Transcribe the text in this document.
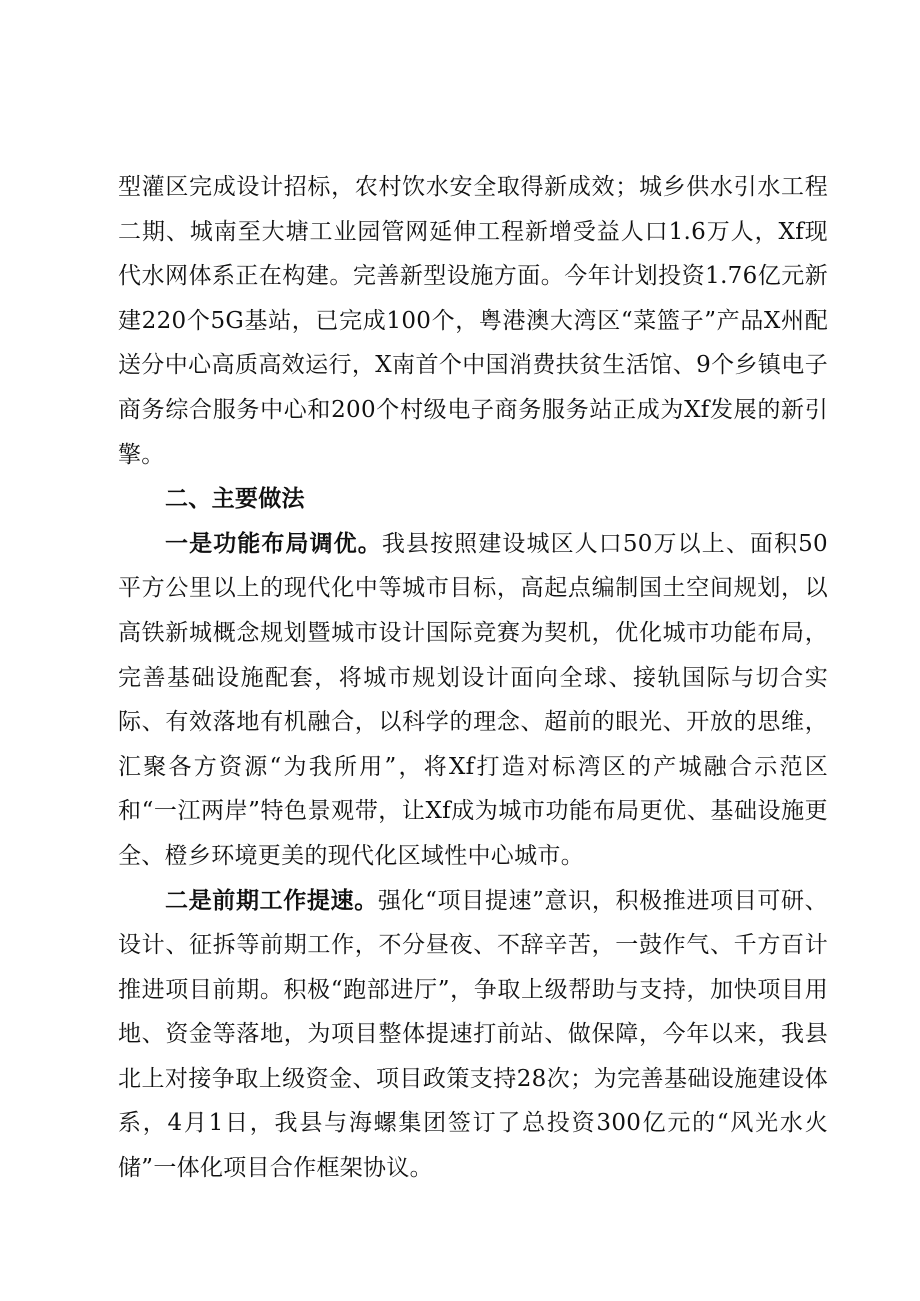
型灌区完成设计招标，农村饮水安全取得新成效；城乡供水引水工程二期、城南至大塘工业园管网延伸工程新增受益人口1.6万人，Xf现代水网体系正在构建。完善新型设施方面。今年计划投资1.76亿元新建220个5G基站，已完成100个，粤港澳大湾区“菜篮子”产品X州配送分中心高质高效运行，X南首个中国消费扶贫生活馆、9个乡镇电子商务综合服务中心和200个村级电子商务服务站正成为Xf发展的新引擎。

二、主要做法

一是功能布局调优。我县按照建设城区人口50万以上、面积50平方公里以上的现代化中等城市目标，高起点编制国土空间规划，以高铁新城概念规划暨城市设计国际竞赛为契机，优化城市功能布局，完善基础设施配套，将城市规划设计面向全球、接轨国际与切合实际、有效落地有机融合，以科学的理念、超前的眼光、开放的思维，汇聚各方资源“为我所用”，将Xf打造对标湾区的产城融合示范区和“一江两岸”特色景观带，让Xf成为城市功能布局更优、基础设施更全、橙乡环境更美的现代化区域性中心城市。

二是前期工作提速。强化“项目提速”意识，积极推进项目可研、设计、征拆等前期工作，不分昼夜、不辞辛苦，一鼓作气、千方百计推进项目前期。积极“跑部进厅”，争取上级帮助与支持，加快项目用地、资金等落地，为项目整体提速打前站、做保障，今年以来，我县北上对接争取上级资金、项目政策支持28次；为完善基础设施建设体系，4月1日，我县与海螺集团签订了总投资300亿元的“风光水火储”一体化项目合作框架协议。
